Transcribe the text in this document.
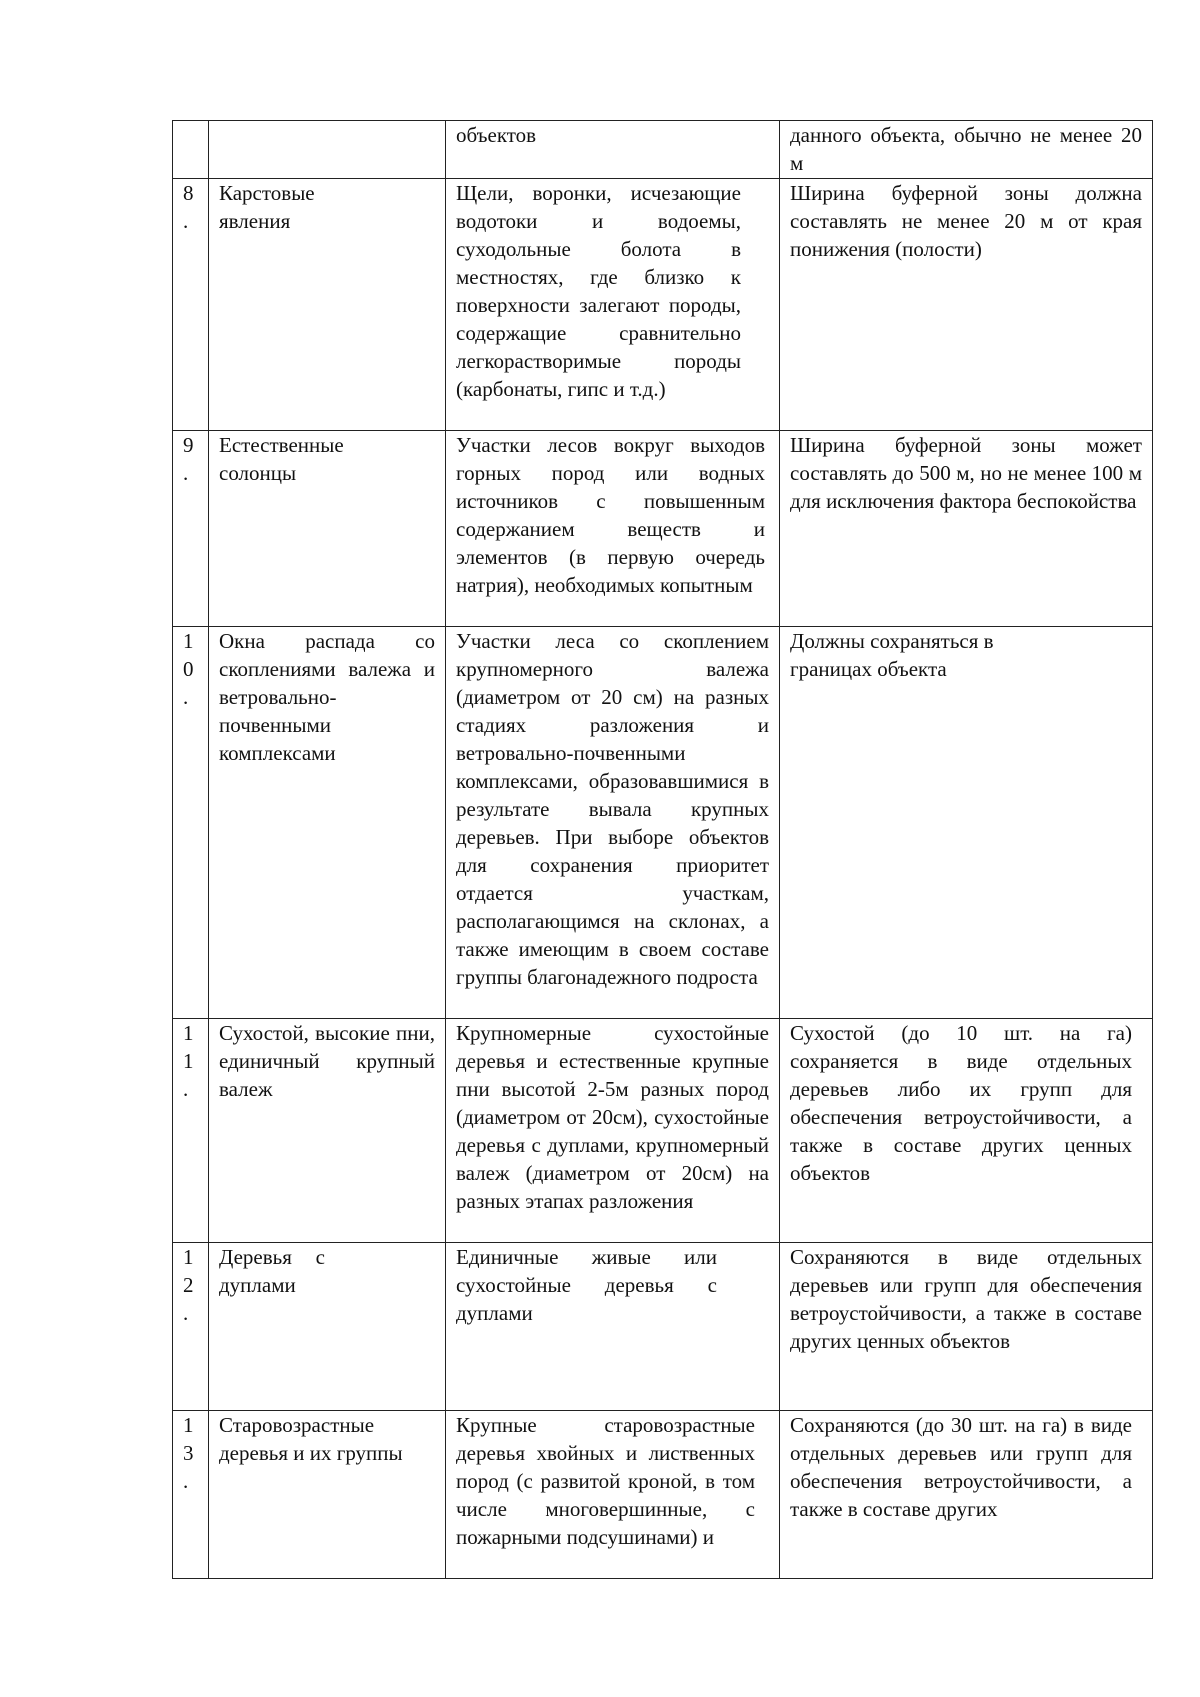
		объектов	данного объекта, обычно не менее 20 м
8.	Карстовые явления	Щели, воронки, исчезающие водотоки и водоемы, суходольные болота в местностях, где близко к поверхности залегают породы, содержащие сравнительно легкорастворимые породы (карбонаты, гипс и т.д.)	Ширина буферной зоны должна составлять не менее 20 м от края понижения (полости)
9.	Естественные солонцы	Участки лесов вокруг выходов горных пород или водных источников с повышенным содержанием веществ и элементов (в первую очередь натрия), необходимых копытным	Ширина буферной зоны может составлять до 500 м, но не менее 100 м для исключения фактора беспокойства
10.	Окна распада со скоплениями валежа и ветровально-почвенными комплексами	Участки леса со скоплением крупномерного валежа (диаметром от 20 см) на разных стадиях разложения и ветровально-почвенными комплексами, образовавшимися в результате вывала крупных деревьев. При выборе объектов для сохранения приоритет отдается участкам, располагающимся на склонах, а также имеющим в своем составе группы благонадежного подроста	Должны сохраняться в границах объекта
11.	Сухостой, высокие пни, единичный крупный валеж	Крупномерные сухостойные деревья и естественные крупные пни высотой 2-5м разных пород (диаметром от 20см), сухостойные деревья с дуплами, крупномерный валеж (диаметром от 20см) на разных этапах разложения	Сухостой (до 10 шт. на га) сохраняется в виде отдельных деревьев либо их групп для обеспечения ветроустойчивости, а также в составе других ценных объектов
12.	Деревья с дуплами	Единичные живые или сухостойные деревья с дуплами	Сохраняются в виде отдельных деревьев или групп для обеспечения ветроустойчивости, а также в составе других ценных объектов
13.	Старовозрастные деревья и их группы	Крупные старовозрастные деревья хвойных и лиственных пород (с развитой кроной, в том числе многовершинные, с пожарными подсушинами) и	Сохраняются (до 30 шт. на га) в виде отдельных деревьев или групп для обеспечения ветроустойчивости, а также в составе других
